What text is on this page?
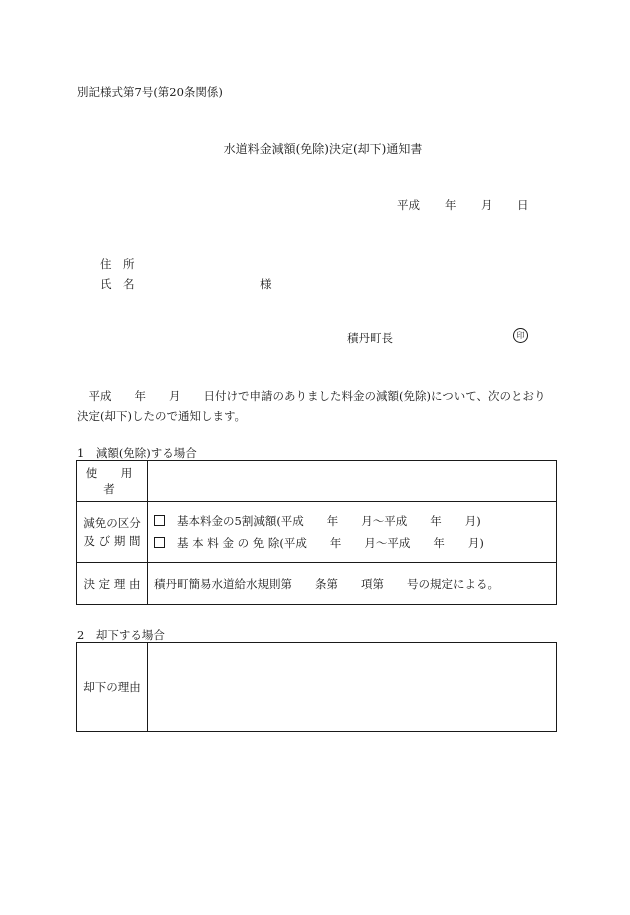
別記様式第7号(第20条関係)
水道料金減額(免除)決定(却下)通知書
平成 年 月 日
住　所
氏　名	様
積丹町長	印
　平成　　年　　月　　日付けで申請のありました料金の減額(免除)について、次のとおり決定(却下)したので通知します。
1　減額(免除)する場合
使　用　者	
減免の区分
及 び 期 間	基本料金の5割減額(平成　　年　　月～平成　　年　　月)
基 本 料 金 の 免 除(平成　　年　　月～平成　　年　　月)

決 定 理 由	積丹町簡易水道給水規則第　　条第　　項第　　号の規定による。
2　却下する場合
却下の理由	
